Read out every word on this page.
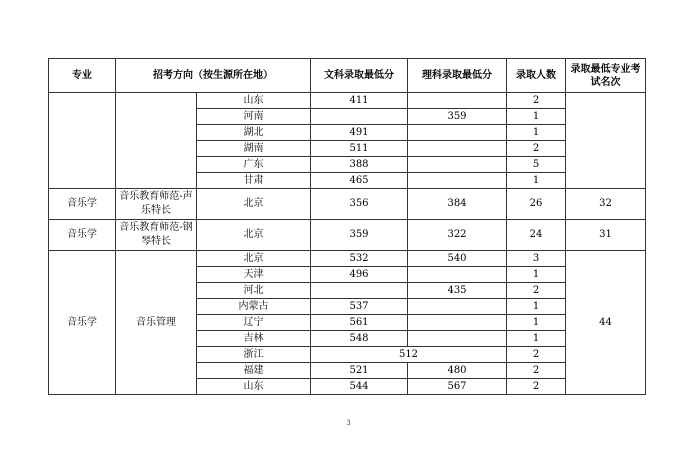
专业	招考方向（按生源所在地）		文科录取最低分	理科录取最低分	录取人数	录取最低专业考试名次
		山东	411		2	
		河南		359	1	
		湖北	491		1	
		湖南	511		2	
		广东	388		5	
		甘肃	465		1	
音乐学	音乐教育师范-声乐特长	北京	356	384	26	32
音乐学	音乐教育师范-钢琴特长	北京	359	322	24	31
音乐学	音乐管理	北京	532	540	3	44
		天津	496		1	
		河北		435	2	
		内蒙古	537		1	
		辽宁	561		1	
		吉林	548		1	
		浙江	512		2	
		福建	521	480	2	
		山东	544	567	2	
3
